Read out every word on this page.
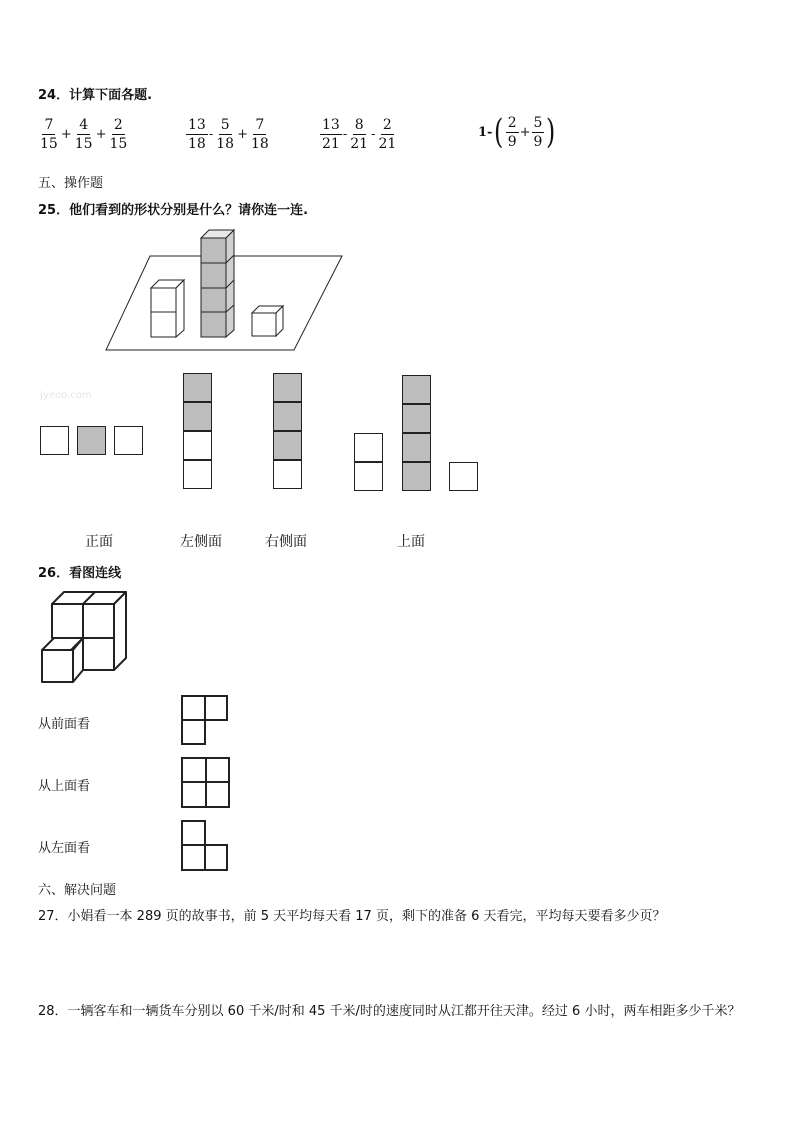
24．计算下面各题.
$\frac{7}{15} + \frac{4}{15} + \frac{2}{15}$	$\frac{13}{18} - \frac{5}{18} + \frac{7}{18}$	$\frac{13}{21} - \frac{8}{21} - \frac{2}{21}$	1- ( $\frac{2}{9} + \frac{5}{9}$ )
五、操作题
25．他们看到的形状分别是什么？请你连一连.
Jyeoo.com
正面	左侧面	右侧面	上面
26．看图连线
从前面看
从上面看
从左面看
六、解决问题
27．小娟看一本 289 页的故事书，前 5 天平均每天看 17 页，剩下的准备 6 天看完，平均每天要看多少页？
28．一辆客车和一辆货车分别以 60 千米/时和 45 千米/时的速度同时从江都开往天津。经过 6 小时，两车相距多少千米？
